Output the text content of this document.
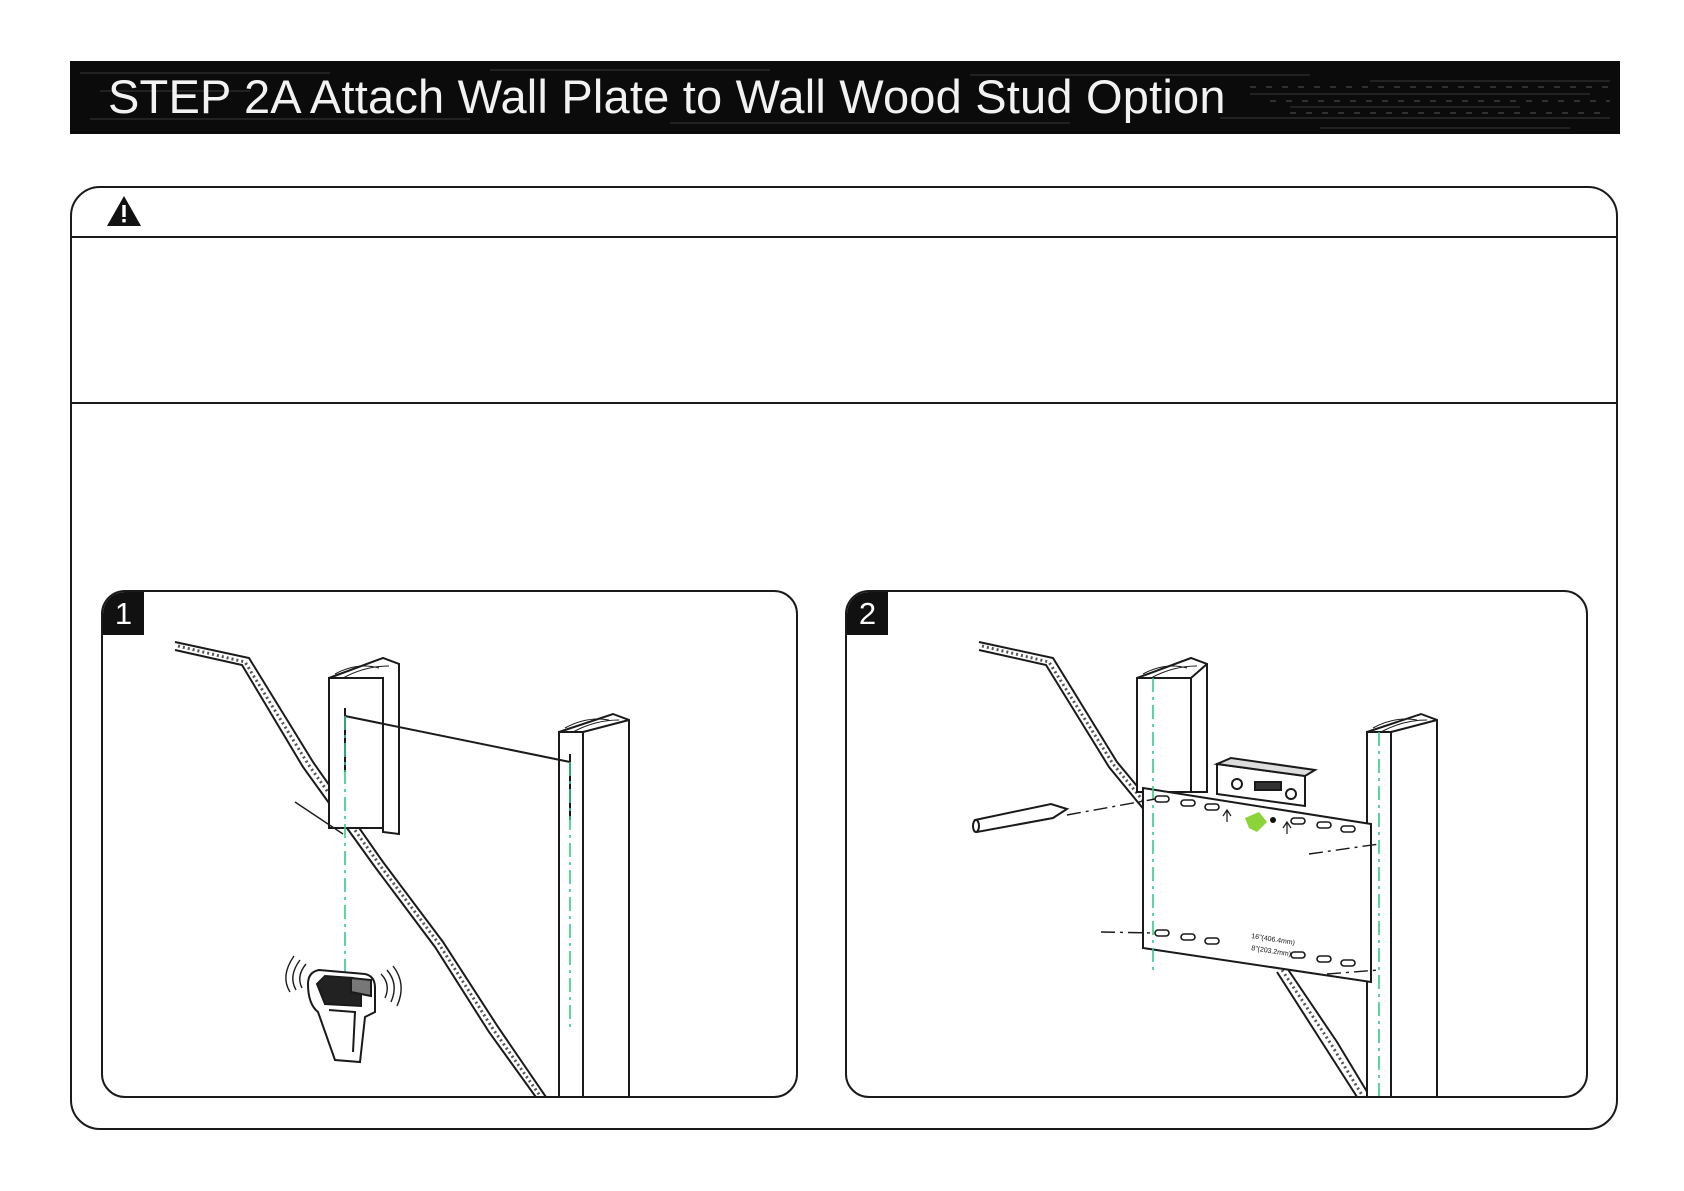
STEP 2A Attach Wall Plate to Wall Wood Stud Option
1	2
16"(406.4mm)
8"(203.2mm)
